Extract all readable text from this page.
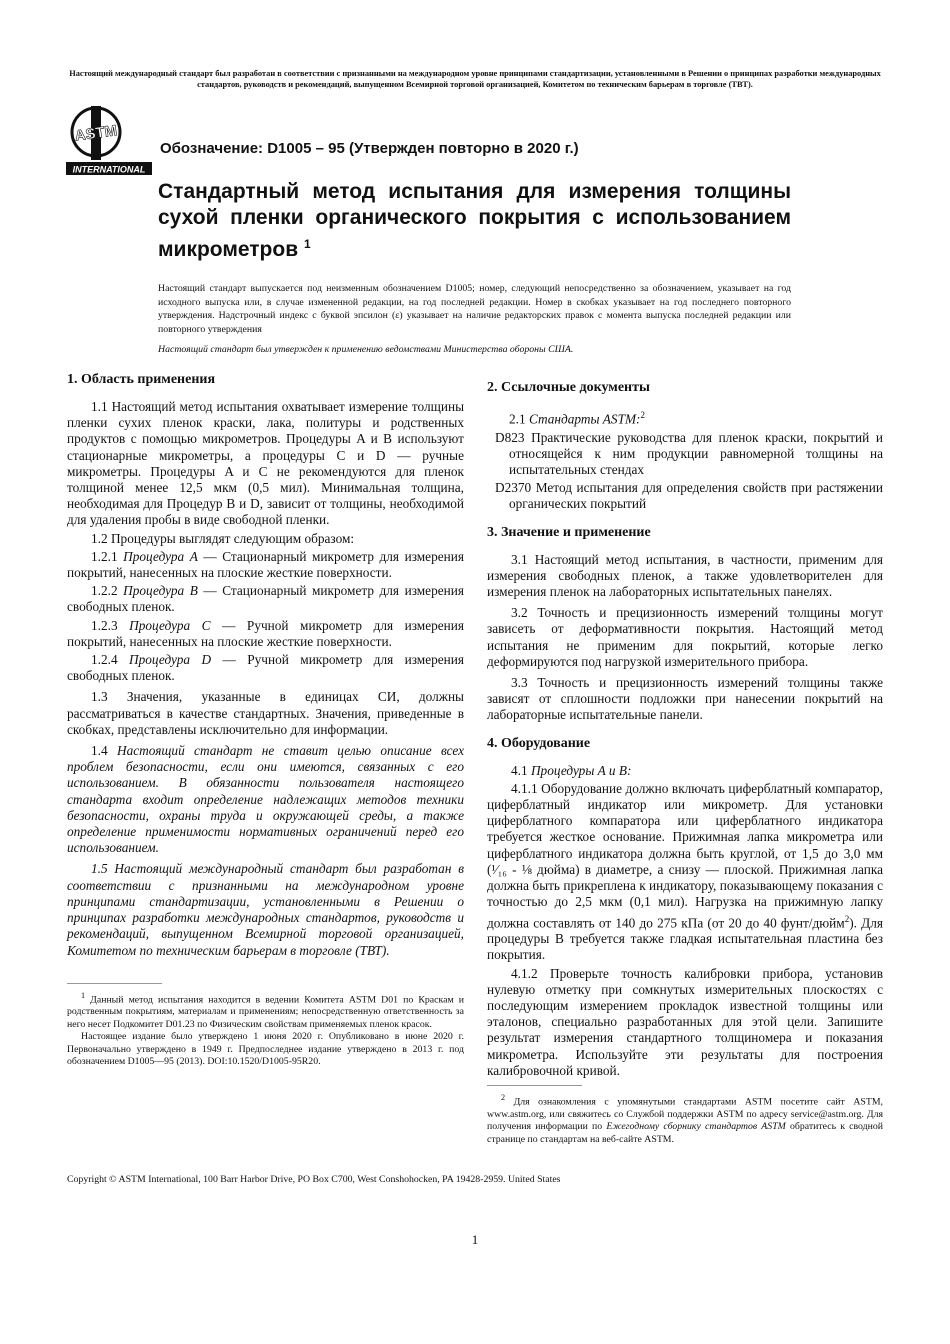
Настоящий международный стандарт был разработан в соответствии с признанными на международном уровне принципами стандартизации, установленными в Решении о принципах разработки международных стандартов, руководств и рекомендаций, выпущенном Всемирной торговой организацией, Комитетом по техническим барьерам в торговле (ТВТ).
ASTM
INTERNATIONAL
Обозначение: D1005 – 95 (Утвержден повторно в 2020 г.)
Стандартный метод испытания для измерения толщины сухой пленки органического покрытия с использованием микрометров $^1$
Настоящий стандарт выпускается под неизменным обозначением D1005; номер, следующий непосредственно за обозначением, указывает на год исходного выпуска или, в случае измененной редакции, на год последней редакции. Номер в скобках указывает на год последнего повторного утверждения. Надстрочный индекс с буквой эпсилон (ε) указывает на наличие редакторских правок с момента выпуска последней редакции или повторного утверждения
Настоящий стандарт был утвержден к применению ведомствами Министерства обороны США.
1. Область применения

1.1 Настоящий метод испытания охватывает измерение толщины пленки сухих пленок краски, лака, политуры и родственных продуктов с помощью микрометров. Процедуры A и B используют стационарные микрометры, а процедуры C и D — ручные микрометры. Процедуры A и C не рекомендуются для пленок толщиной менее 12,5 мкм (0,5 мил). Минимальная толщина, необходимая для Процедур B и D, зависит от толщины, необходимой для удаления пробы в виде свободной пленки.

1.2 Процедуры выглядят следующим образом:

1.2.1 Процедура A — Стационарный микрометр для измерения покрытий, нанесенных на плоские жесткие поверхности.

1.2.2 Процедура B — Стационарный микрометр для измерения свободных пленок.

1.2.3 Процедура C — Ручной микрометр для измерения покрытий, нанесенных на плоские жесткие поверхности.

1.2.4 Процедура D — Ручной микрометр для измерения свободных пленок.

1.3 Значения, указанные в единицах СИ, должны рассматриваться в качестве стандартных. Значения, приведенные в скобках, представлены исключительно для информации.

1.4 Настоящий стандарт не ставит целью описание всех проблем безопасности, если они имеются, связанных с его использованием. В обязанности пользователя настоящего стандарта входит определение надлежащих методов техники безопасности, охраны труда и окружающей среды, а также определение применимости нормативных ограничений перед его использованием.

1.5 Настоящий международный стандарт был разработан в соответствии с признанными на международном уровне принципами стандартизации, установленными в Решении о принципах разработки международных стандартов, руководств и рекомендаций, выпущенном Всемирной торговой организацией, Комитетом по техническим барьерам в торговле (ТВТ).

$^1$ Данный метод испытания находится в ведении Комитета ASTM D01 по Краскам и родственным покрытиям, материалам и применениям; непосредственную ответственность за него несет Подкомитет D01.23 по Физическим свойствам применяемых пленок красок.

Настоящее издание было утверждено 1 июня 2020 г. Опубликовано в июне 2020 г. Первоначально утверждено в 1949 г. Предпоследнее издание утверждено в 2013 г. под обозначением D1005—95 (2013). DOI:10.1520/D1005-95R20.

2. Ссылочные документы

2.1 Стандарты ASTM:$^2$

D823 Практические руководства для пленок краски, покрытий и относящейся к ним продукции равномерной толщины на испытательных стендах

D2370 Метод испытания для определения свойств при растяжении органических покрытий

3. Значение и применение

3.1 Настоящий метод испытания, в частности, применим для измерения свободных пленок, а также удовлетворителен для измерения пленок на лабораторных испытательных панелях.

3.2 Точность и прецизионность измерений толщины могут зависеть от деформативности покрытия. Настоящий метод испытания не применим для покрытий, которые легко деформируются под нагрузкой измерительного прибора.

3.3 Точность и прецизионность измерений толщины также зависят от сплошности подложки при нанесении покрытий на лабораторные испытательные панели.

4. Оборудование

4.1 Процедуры A и B:

4.1.1 Оборудование должно включать циферблатный компаратор, циферблатный индикатор или микрометр. Для установки циферблатного компаратора или циферблатного индикатора требуется жесткое основание. Прижимная лапка микрометра или циферблатного индикатора должна быть круглой, от 1,5 до 3,0 мм (¹⁄₁₆ - ⅛ дюйма) в диаметре, а снизу — плоской. Прижимная лапка должна быть прикреплена к индикатору, показывающему показания с точностью до 2,5 мкм (0,1 мил). Нагрузка на прижимную лапку должна составлять от 140 до 275 кПа (от 20 до 40 фунт/дюйм$^2$). Для процедуры B требуется также гладкая испытательная пластина без покрытия.

4.1.2 Проверьте точность калибровки прибора, установив нулевую отметку при сомкнутых измерительных плоскостях с последующим измерением прокладок известной толщины или эталонов, специально разработанных для этой цели. Запишите результат измерения стандартного толщиномера и показания микрометра. Используйте эти результаты для построения калибровочной кривой.

$^2$ Для ознакомления с упомянутыми стандартами ASTM посетите сайт ASTM, www.astm.org, или свяжитесь со Службой поддержки ASTM по адресу service@astm.org. Для получения информации по Ежегодному сборнику стандартов ASTM обратитесь к сводной странице по стандартам на веб-сайте ASTM.

Copyright © ASTM International, 100 Barr Harbor Drive, PO Box C700, West Conshohocken, PA 19428-2959. United States
1
